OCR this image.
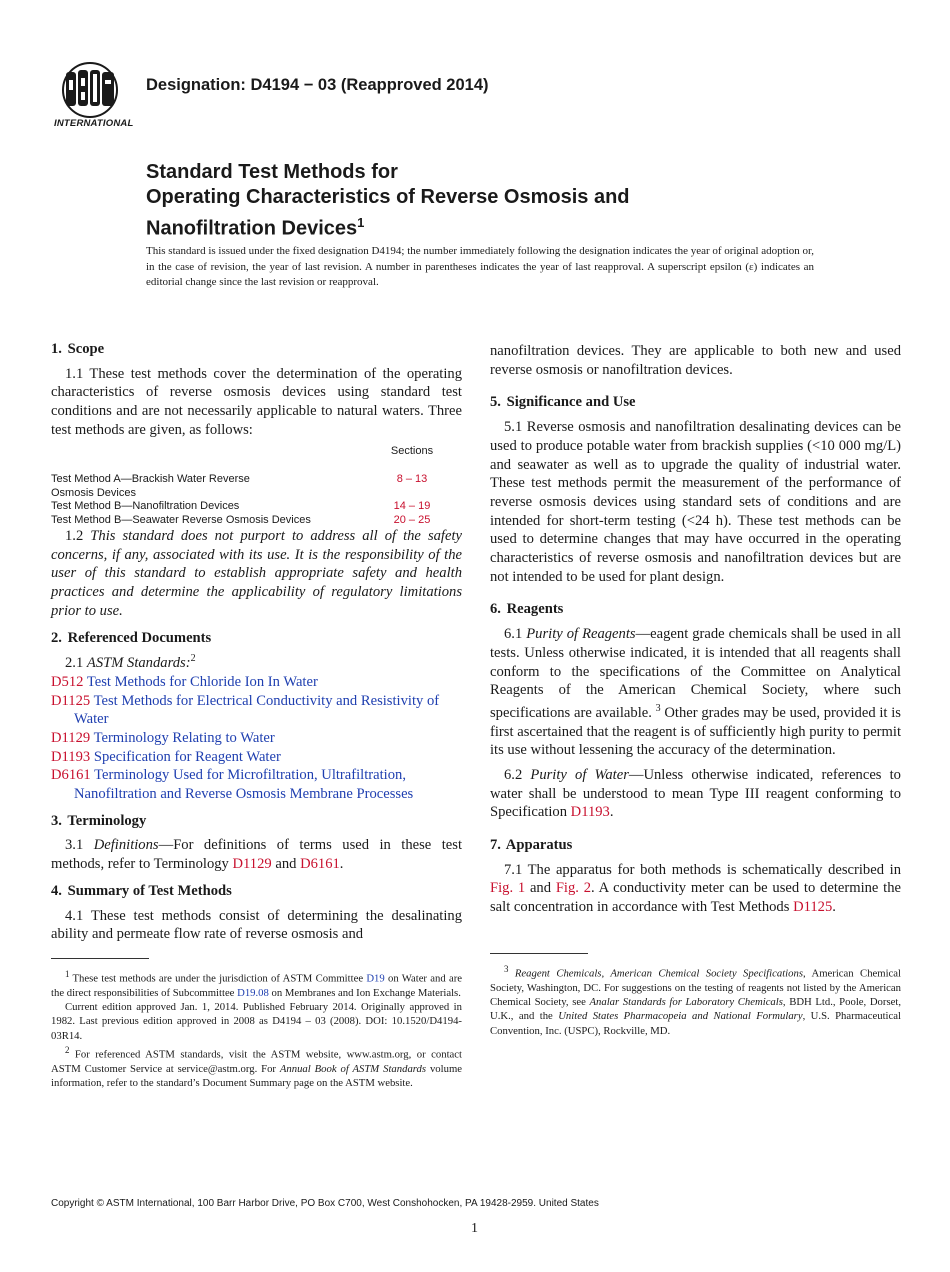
INTERNATIONAL
Designation: D4194 − 03 (Reapproved 2014)
Standard Test Methods for
Operating Characteristics of Reverse Osmosis and
Nanofiltration Devices$^1$
This standard is issued under the fixed designation D4194; the number immediately following the designation indicates the year of original adoption or, in the case of revision, the year of last revision. A number in parentheses indicates the year of last reapproval. A superscript epsilon (ε) indicates an editorial change since the last revision or reapproval.

1. Scope

1.1 These test methods cover the determination of the operating characteristics of reverse osmosis devices using standard test conditions and are not necessarily applicable to natural waters. Three test methods are given, as follows:

	Sections
Test Method A—Brackish Water Reverse Osmosis Devices	8 – 13
Test Method B—Nanofiltration Devices	14 – 19
Test Method B—Seawater Reverse Osmosis Devices	20 – 25

1.2 This standard does not purport to address all of the safety concerns, if any, associated with its use. It is the responsibility of the user of this standard to establish appropriate safety and health practices and determine the applicability of regulatory limitations prior to use.

2. Referenced Documents

2.1 ASTM Standards:$^2$

D512 Test Methods for Chloride Ion In Water

D1125 Test Methods for Electrical Conductivity and Resistivity of Water

D1129 Terminology Relating to Water

D1193 Specification for Reagent Water

D6161 Terminology Used for Microfiltration, Ultrafiltration, Nanofiltration and Reverse Osmosis Membrane Processes

3. Terminology

3.1 Definitions—For definitions of terms used in these test methods, refer to Terminology D1129 and D6161.

4. Summary of Test Methods

4.1 These test methods consist of determining the desalinating ability and permeate flow rate of reverse osmosis and

$^1$ These test methods are under the jurisdiction of ASTM Committee D19 on Water and are the direct responsibilities of Subcommittee D19.08 on Membranes and Ion Exchange Materials.

Current edition approved Jan. 1, 2014. Published February 2014. Originally approved in 1982. Last previous edition approved in 2008 as D4194 – 03 (2008). DOI: 10.1520/D4194-03R14.

$^2$ For referenced ASTM standards, visit the ASTM website, www.astm.org, or contact ASTM Customer Service at service@astm.org. For Annual Book of ASTM Standards volume information, refer to the standard’s Document Summary page on the ASTM website.

nanofiltration devices. They are applicable to both new and used reverse osmosis or nanofiltration devices.

5. Significance and Use

5.1 Reverse osmosis and nanofiltration desalinating devices can be used to produce potable water from brackish supplies (<10 000 mg/L) and seawater as well as to upgrade the quality of industrial water. These test methods permit the measurement of the performance of reverse osmosis devices using standard sets of conditions and are intended for short-term testing (<24 h). These test methods can be used to determine changes that may have occurred in the operating characteristics of reverse osmosis and nanofiltration devices but are not intended to be used for plant design.

6. Reagents

6.1 Purity of Reagents—eagent grade chemicals shall be used in all tests. Unless otherwise indicated, it is intended that all reagents shall conform to the specifications of the Committee on Analytical Reagents of the American Chemical Society, where such specifications are available. $^3$ Other grades may be used, provided it is first ascertained that the reagent is of sufficiently high purity to permit its use without lessening the accuracy of the determination.

6.2 Purity of Water—Unless otherwise indicated, references to water shall be understood to mean Type III reagent conforming to Specification D1193.

7. Apparatus

7.1 The apparatus for both methods is schematically described in Fig. 1 and Fig. 2. A conductivity meter can be used to determine the salt concentration in accordance with Test Methods D1125.

$^3$ Reagent Chemicals, American Chemical Society Specifications, American Chemical Society, Washington, DC. For suggestions on the testing of reagents not listed by the American Chemical Society, see Analar Standards for Laboratory Chemicals, BDH Ltd., Poole, Dorset, U.K., and the United States Pharmacopeia and National Formulary, U.S. Pharmaceutical Convention, Inc. (USPC), Rockville, MD.

Copyright © ASTM International, 100 Barr Harbor Drive, PO Box C700, West Conshohocken, PA 19428-2959. United States
1
